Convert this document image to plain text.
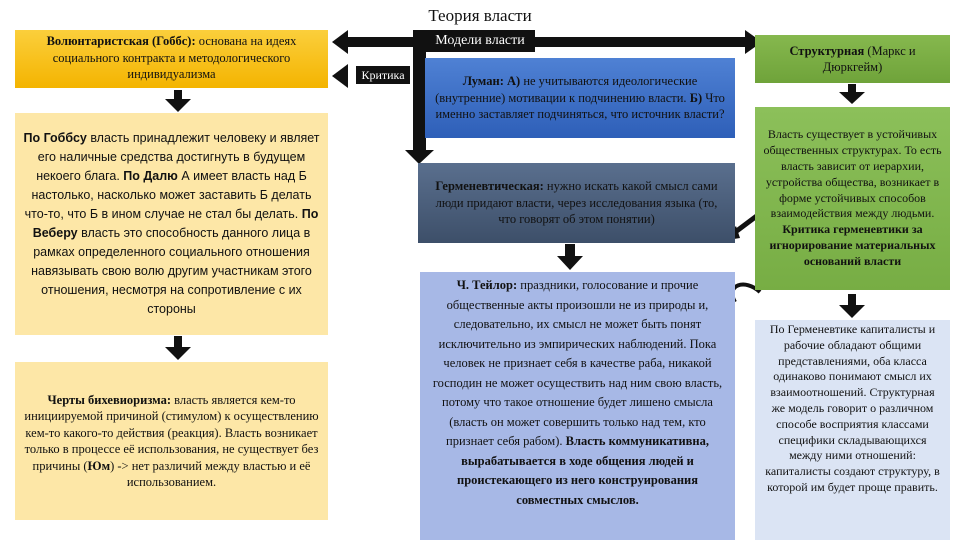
Теория власти
Волюнтаристская (Гоббс): основана на идеях социального контракта и методологического индивидуализма
По Гоббсу власть принадлежит человеку и являет его наличные средства достигнуть в будущем некоего блага. По Далю А имеет власть над Б настолько, насколько может заставить Б делать что-то, что Б в ином случае не стал бы делать. По Веберу власть это способность данного лица в рамках определенного социального отношения навязывать свою волю другим участникам этого отношения, несмотря на сопротивление с их стороны
Черты бихевиоризма: власть является кем-то инициируемой причиной (стимулом) к осуществлению кем-то какого-то действия (реакция). Власть возникает только в процессе её использования, не существует без причины (Юм) -> нет различий между властью и её использованием.
Модели власти
Критика	Луман: А) не учитываются идеологические (внутренние) мотивации к подчинению власти. Б) Что именно заставляет подчиняться, что источник власти?
Герменевтическая: нужно искать какой смысл сами люди придают власти, через исследования языка (то, что говорят об этом понятии)
Ч. Тейлор: праздники, голосование и прочие общественные акты произошли не из природы и, следовательно, их смысл не может быть понят исключительно из эмпирических наблюдений. Пока человек не признает себя в качестве раба, никакой господин не может осуществить над ним свою власть, потому что такое отношение будет лишено смысла (власть он может совершить только над тем, кто признает себя рабом). Власть коммуникативна, вырабатывается в ходе общения людей и проистекающего из него конструирования совместных смыслов.
Структурная (Маркс и Дюркгейм)
Власть существует в устойчивых общественных структурах. То есть власть зависит от иерархии, устройства общества, возникает в форме устойчивых способов взаимодействия между людьми. Критика герменевтики за игнорирование материальных оснований власти
По Герменевтике капиталисты и рабочие обладают общими представлениями, оба класса одинаково понимают смысл их взаимоотношений. Структурная же модель говорит о различном способе восприятия классами специфики складывающихся между ними отношений: капиталисты создают структуру, в которой им будет проще править.
